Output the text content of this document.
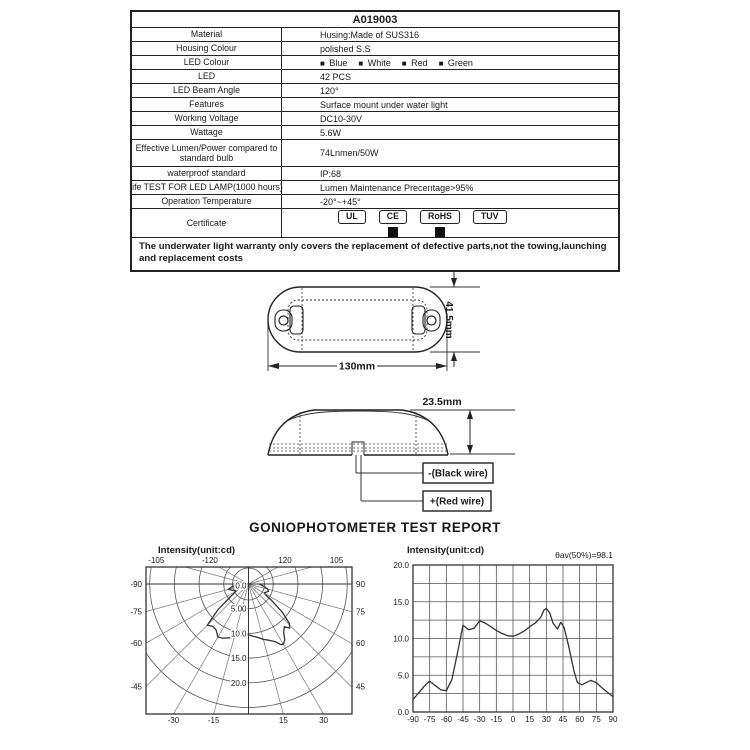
A019003
Material	Husing:Made of SUS316
Housing Colour	polished S.S
LED Colour	■ Blue ■ White ■ Red ■ Green
LED	42 PCS
LED Beam Angle	120°
Features	Surface mount under water light
Working Voltage	DC10-30V
Wattage	5.6W
Effective Lumen/Power compared to standard bulb	74Lnmen/50W
waterproof standard	IP:68
life TEST FOR LED LAMP(1000 hours)	Lumen Maintenance Precentage>95%
Operation Temperature	-20°~+45°
Certificate
UL	CE	RoHS	TUV
The underwater light warranty only covers the replacement of defective parts,not the towing,launching and replacement costs
130mm
41.5mm
23.5mm
-(Black wire)
+(Red wire)
GONIOPHOTOMETER TEST REPORT
Intensity(unit:cd)
-105	-120	120	105
-90	90
-75	75
-60	60
-45	45
-30	-15	15	30
0.0
5.00
10.0
15.0
20.0
Intensity(unit:cd)	θav(50%)=98.1
0.0
5.0
10.0
15.0
20.0
-90 -75 -60 -45 -30 -15 0 15 30 45 60 75 90
